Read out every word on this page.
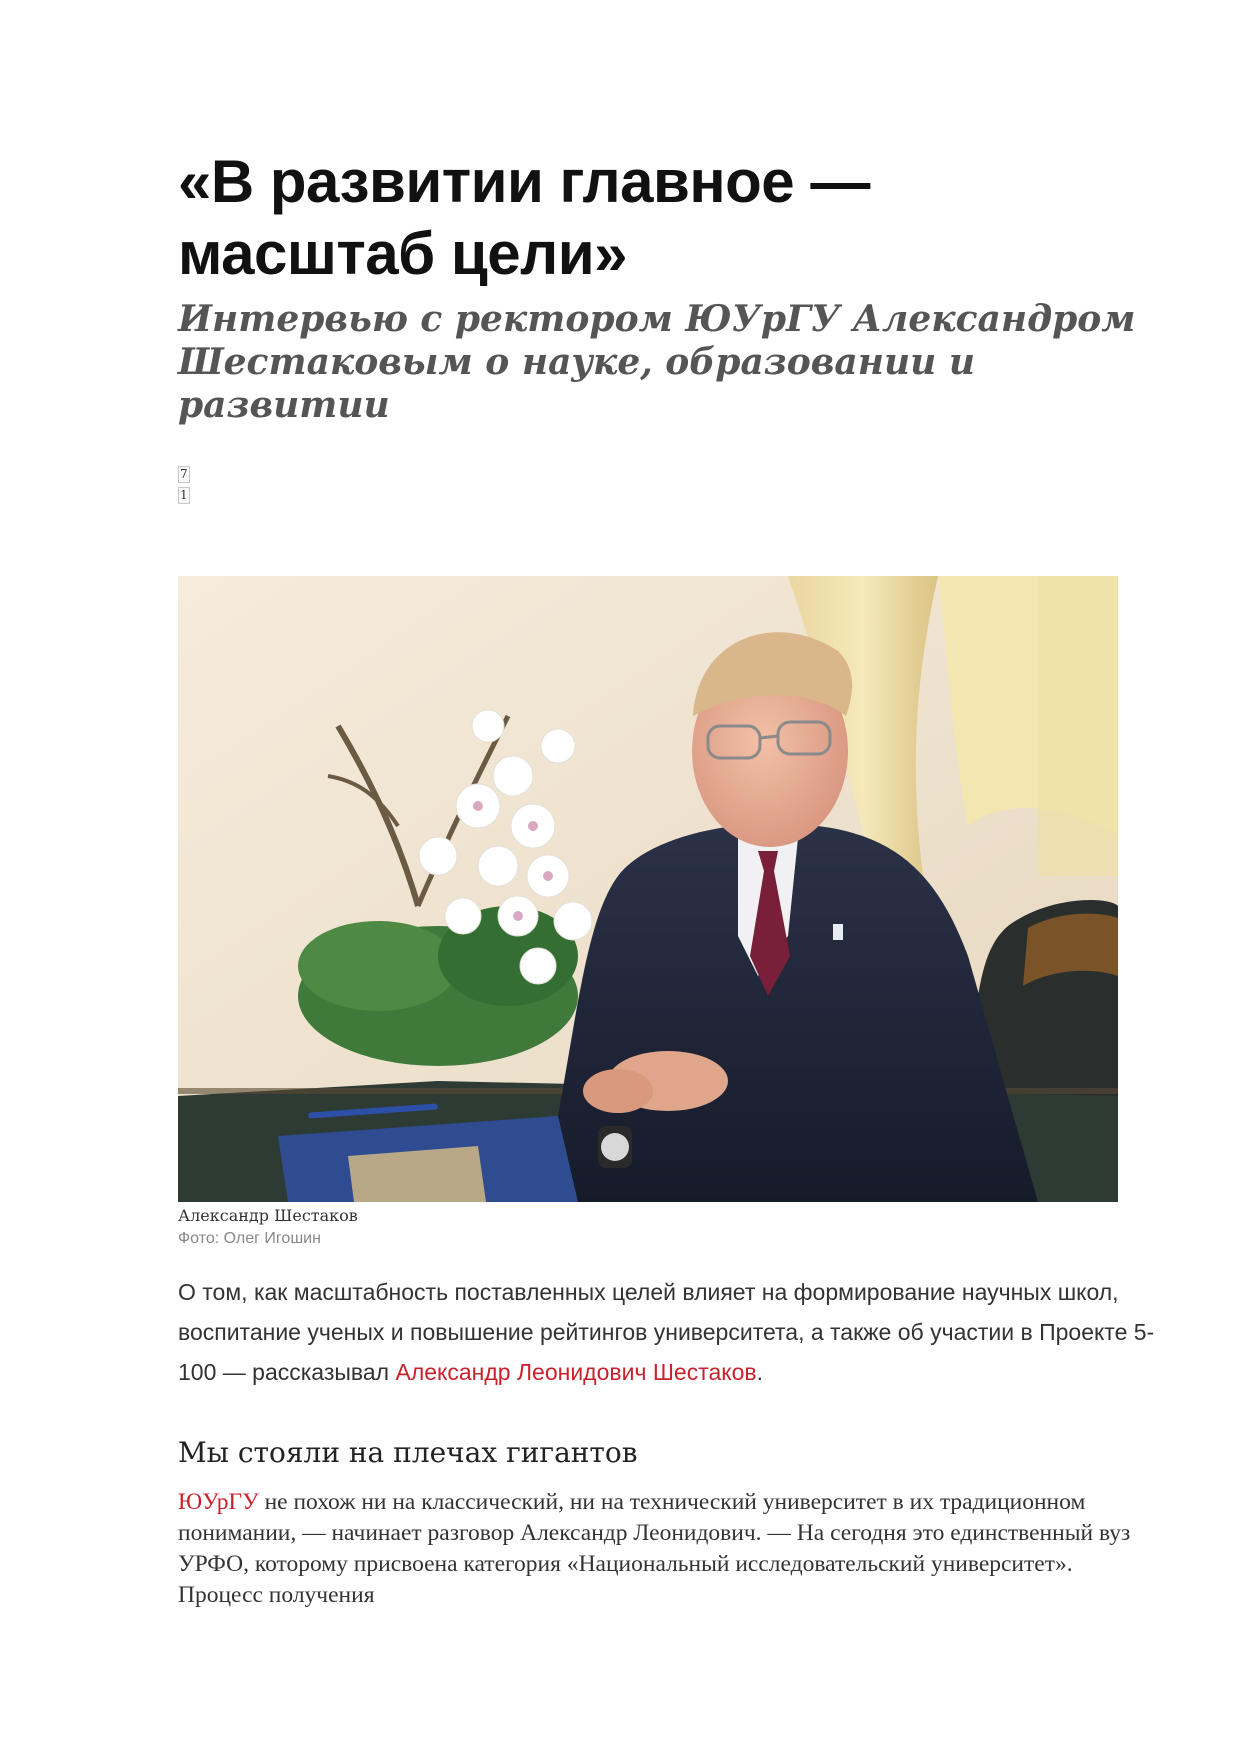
«В развитии главное — масштаб цели»
Интервью с ректором ЮУрГУ Александром Шестаковым о науке, образовании и развитии
7
1

Александр Шестаков

Фото: Олег Игошин

О том, как масштабность поставленных целей влияет на формирование научных школ, воспитание ученых и повышение рейтингов университета, а также об участии в Проекте 5-100 — рассказывал Александр Леонидович Шестаков.

Мы стояли на плечах гигантов

ЮУрГУ не похож ни на классический, ни на технический университет в их традиционном понимании, — начинает разговор Александр Леонидович. — На сегодня это единственный вуз УРФО, которому присвоена категория «Национальный исследовательский университет». Процесс получения
